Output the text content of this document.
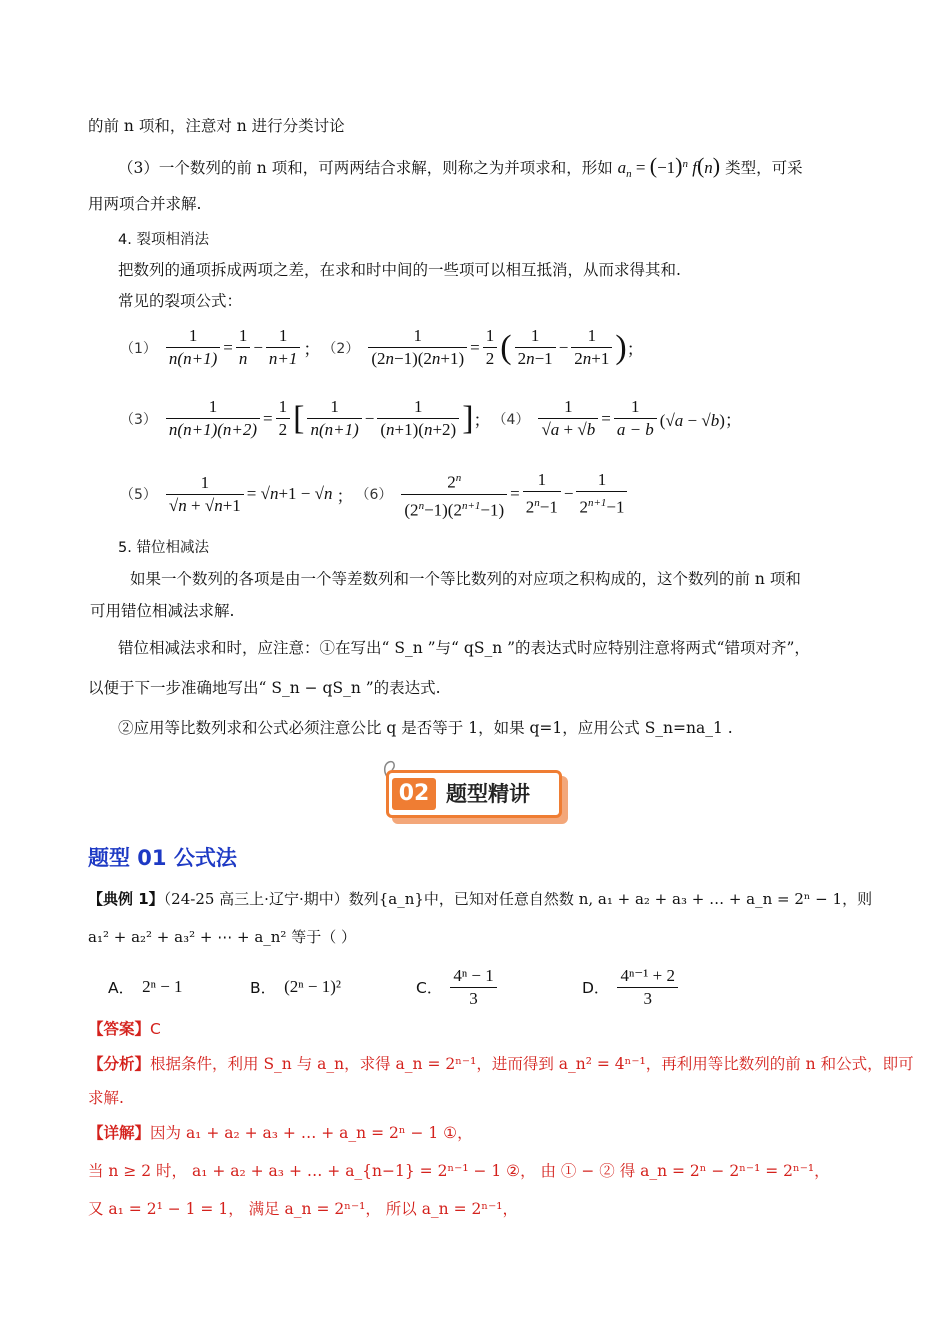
的前 n 项和，注意对 n 进行分类讨论
（3）一个数列的前 n 项和，可两两结合求解，则称之为并项求和，形如 $a_n = (-1)^n$ f(n) 类型，可采
用两项合并求解.
4. 裂项相消法
把数列的通项拆成两项之差，在求和时中间的一些项可以相互抵消，从而求得其和.
常见的裂项公式：
$(1) \frac{1}{n(n+1)} = \frac{1}{n} - \frac{1}{n+1}$ ； $(2) \frac{1}{(2n-1)(2n+1)} = \frac{1}{2}$ ( $\frac{1}{2n-1} - \frac{1}{2n+1}$ ) ；
$(3) \frac{1}{n(n+1)(n+2)} = \frac{1}{2}$ [ $\frac{1}{n(n+1)} - \frac{1}{(n+1)(n+2)}$ ] ； $(4) \frac{1}{√a + √b} = \frac{1}{a - b} (√a - √b)$；
$(5) \frac{1}{√n + √n+1} = √n+1 - √n$ ； $(6) \frac{2^n}{(2^n-1)(2^{n+1}-1)} = \frac{1}{2^n-1} - \frac{1}{2^{n+1}-1}$
5. 错位相减法
如果一个数列的各项是由一个等差数列和一个等比数列的对应项之积构成的，这个数列的前 n 项和
可用错位相减法求解.
错位相减法求和时，应注意：①在写出“ S_n ”与“ qS_n ”的表达式时应特别注意将两式“错项对齐”，
以便于下一步准确地写出“ S_n − qS_n ”的表达式.
②应用等比数列求和公式必须注意公比 q 是否等于 1，如果 q=1，应用公式 S_n=na_1 .
02 题型精讲
题型 01 公式法
【典例 1】（24-25 高三上·辽宁·期中）数列{a_n}中，已知对任意自然数 n, a₁ + a₂ + a₃ + … + a_n = 2ⁿ − 1，则
a₁² + a₂² + a₃² + ⋯ + a_n² 等于（ ）
A． 2ⁿ − 1	B． (2ⁿ − 1)²	C． $\frac{\text{4ⁿ − 1}}{3}$	D． $\frac{\text{4ⁿ⁻¹ + 2}}{3}$
【答案】C
【分析】根据条件，利用 S_n 与 a_n，求得 a_n = 2ⁿ⁻¹，进而得到 a_n² = 4ⁿ⁻¹，再利用等比数列的前 n 和公式，即可
求解.
【详解】因为 a₁ + a₂ + a₃ + … + a_n = 2ⁿ − 1 ①，
当 n ≥ 2 时， a₁ + a₂ + a₃ + … + a_{n−1} = 2ⁿ⁻¹ − 1 ②， 由 ① − ② 得 a_n = 2ⁿ − 2ⁿ⁻¹ = 2ⁿ⁻¹，
又 a₁ = 2¹ − 1 = 1， 满足 a_n = 2ⁿ⁻¹， 所以 a_n = 2ⁿ⁻¹，
